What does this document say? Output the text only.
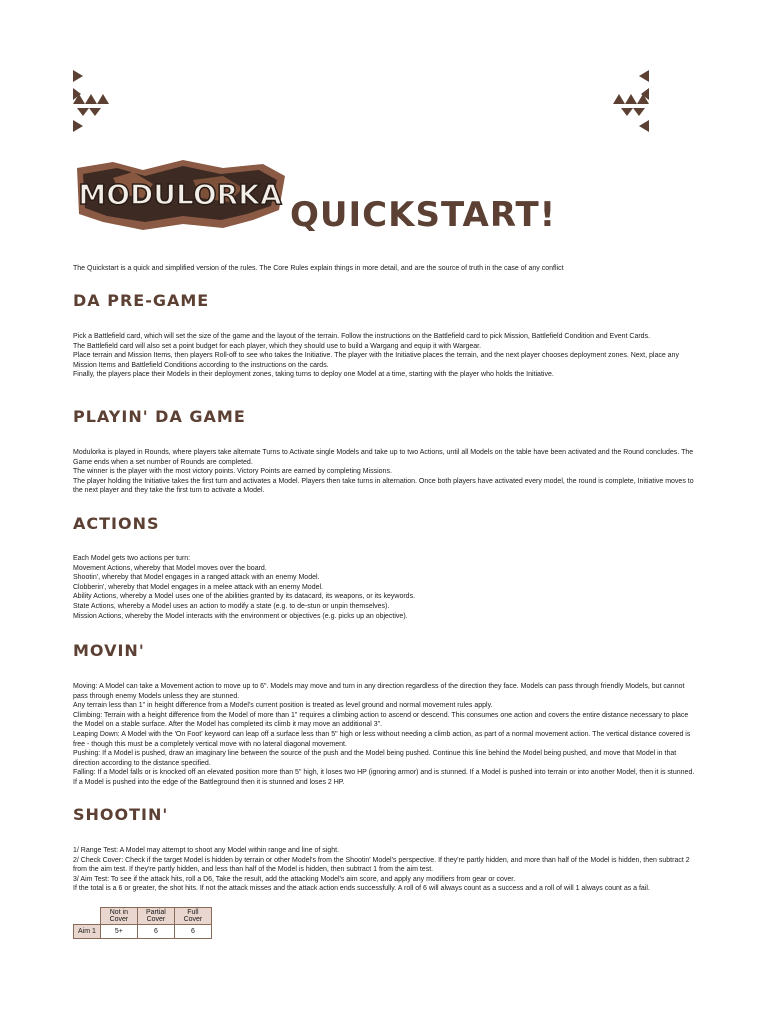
MODULORKA
QUICKSTART!

The Quickstart is a quick and simplified version of the rules. The Core Rules explain things in more detail, and are the source of truth in the case of any conflict

DA PRE-GAME
Pick a Battlefield card, which will set the size of the game and the layout of the terrain. Follow the instructions on the Battlefield card to pick Mission, Battlefield Condition and Event Cards.
The Battlefield card will also set a point budget for each player, which they should use to build a Wargang and equip it with Wargear.
Place terrain and Mission Items, then players Roll-off to see who takes the Initiative. The player with the Initiative places the terrain, and the next player chooses deployment zones. Next, place any Mission Items and Battlefield Conditions according to the instructions on the cards.
Finally, the players place their Models in their deployment zones, taking turns to deploy one Model at a time, starting with the player who holds the Initiative.
PLAYIN' DA GAME
Modulorka is played in Rounds, where players take alternate Turns to Activate single Models and take up to two Actions, until all Models on the table have been activated and the Round concludes. The Game ends when a set number of Rounds are completed.
The winner is the player with the most victory points. Victory Points are earned by completing Missions.
The player holding the Initiative takes the first turn and activates a Model. Players then take turns in alternation. Once both players have activated every model, the round is complete, Initiative moves to the next player and they take the first turn to activate a Model.
ACTIONS
Each Model gets two actions per turn:
Movement Actions, whereby that Model moves over the board.
Shootin', whereby that Model engages in a ranged attack with an enemy Model.
Clobberin', whereby that Model engages in a melee attack with an enemy Model.
Ability Actions, whereby a Model uses one of the abilities granted by its datacard, its weapons, or its keywords.
State Actions, whereby a Model uses an action to modify a state (e.g. to de-stun or unpin themselves).
Mission Actions, whereby the Model interacts with the environment or objectives (e.g. picks up an objective).
MOVIN'
Moving: A Model can take a Movement action to move up to 6". Models may move and turn in any direction regardless of the direction they face. Models can pass through friendly Models, but cannot pass through enemy Models unless they are stunned.
Any terrain less than 1" in height difference from a Model's current position is treated as level ground and normal movement rules apply.
Climbing: Terrain with a height difference from the Model of more than 1" requires a climbing action to ascend or descend. This consumes one action and covers the entire distance necessary to place the Model on a stable surface. After the Model has completed its climb it may move an additional 3".
Leaping Down: A Model with the 'On Foot' keyword can leap off a surface less than 5" high or less without needing a climb action, as part of a normal movement action. The vertical distance covered is free - though this must be a completely vertical move with no lateral diagonal movement.
Pushing: If a Model is pushed, draw an imaginary line between the source of the push and the Model being pushed. Continue this line behind the Model being pushed, and move that Model in that direction according to the distance specified.
Falling: If a Model falls or is knocked off an elevated position more than 5" high, it loses two HP (ignoring armor) and is stunned. If a Model is pushed into terrain or into another Model, then it is stunned. If a Model is pushed into the edge of the Battleground then it is stunned and loses 2 HP.
SHOOTIN'
1/ Range Test: A Model may attempt to shoot any Model within range and line of sight.
2/ Check Cover: Check if the target Model is hidden by terrain or other Model's from the Shootin' Model's perspective. If they're partly hidden, and more than half of the Model is hidden, then subtract 2 from the aim test. If they're partly hidden, and less than half of the Model is hidden, then subtract 1 from the aim test.
3/ Aim Test: To see if the attack hits, roll a D6, Take the result, add the attacking Model's aim score, and apply any modifiers from gear or cover.
If the total is a 6 or greater, the shot hits. If not the attack misses and the attack action ends successfully. A roll of 6 will always count as a success and a roll of will 1 always count as a fail.
	Not in Cover	Partial Cover	Full Cover
Aim 1	5+	6	6
